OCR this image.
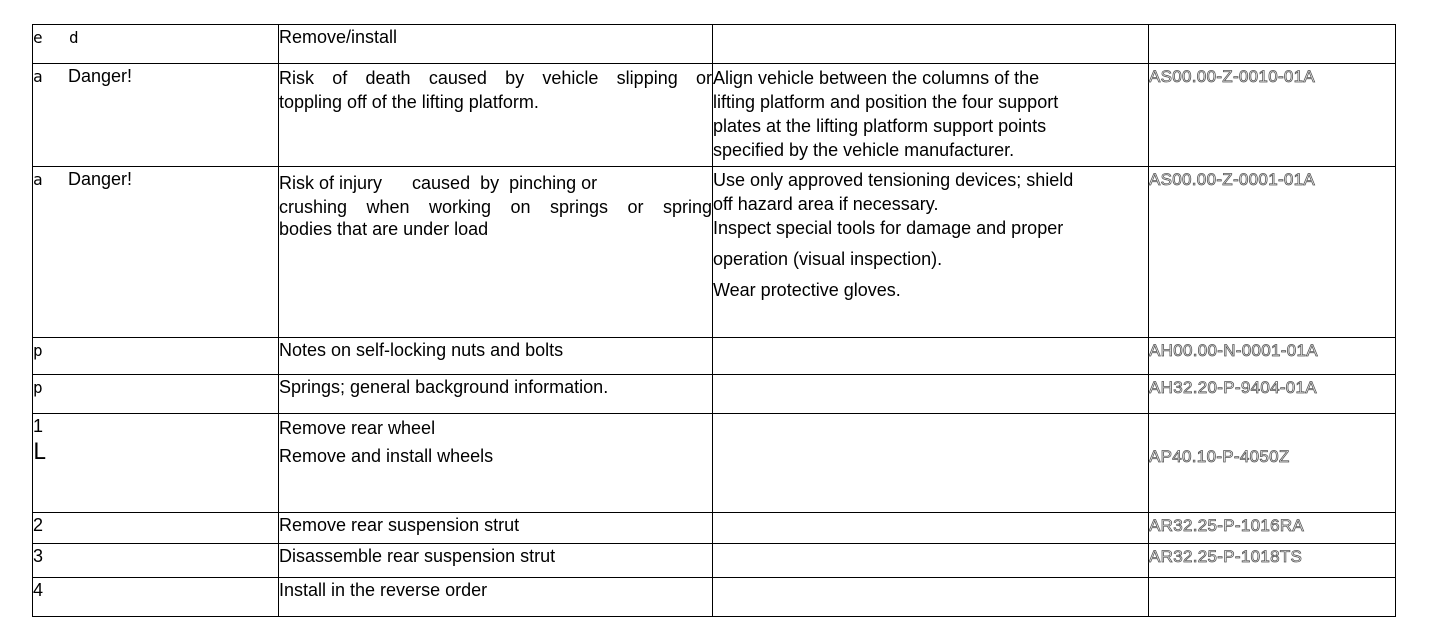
e d	Remove/install		
a Danger!	Risk of death caused by vehicle slipping or
toppling off of the lifting platform.	Align vehicle between the columns of the
lifting platform and position the four support
plates at the lifting platform support points
specified by the vehicle manufacturer.	AS00.00-Z-0010-01A
a Danger!	Risk of injury      caused  by  pinching or
crushing when working on springs or spring
bodies that are under load	Use only approved tensioning devices; shield
off hazard area if necessary.
Inspect special tools for damage and proper
operation (visual inspection).
Wear protective gloves.	AS00.00-Z-0001-01A
p	Notes on self-locking nuts and bolts		AH00.00-N-0001-01A
p	Springs; general background information.		AH32.20-P-9404-01A

1
L	Remove rear wheel
Remove and install wheels		AP40.10-P-4050Z
2	Remove rear suspension strut		AR32.25-P-1016RA
3	Disassemble rear suspension strut		AR32.25-P-1018TS
4	Install in the reverse order		
